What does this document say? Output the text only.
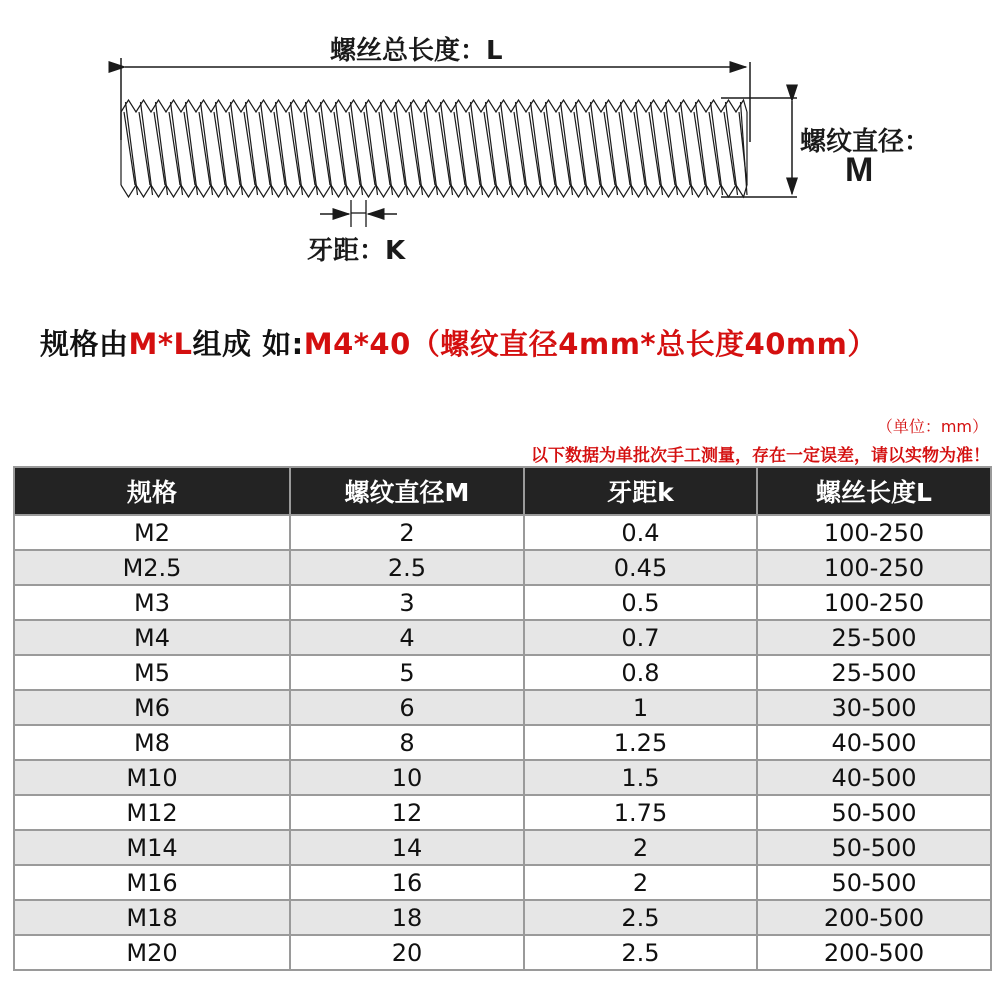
螺丝总长度：L
螺纹直径：
M
牙距：K
规格由M*L组成 如:M4*40（螺纹直径4mm*总长度40mm）
（单位：mm）
以下数据为单批次手工测量，存在一定误差，请以实物为准！
规格	螺纹直径M	牙距k	螺丝长度L
M2	2	0.4	100-250
M2.5	2.5	0.45	100-250
M3	3	0.5	100-250
M4	4	0.7	25-500
M5	5	0.8	25-500
M6	6	1	30-500
M8	8	1.25	40-500
M10	10	1.5	40-500
M12	12	1.75	50-500
M14	14	2	50-500
M16	16	2	50-500
M18	18	2.5	200-500
M20	20	2.5	200-500
